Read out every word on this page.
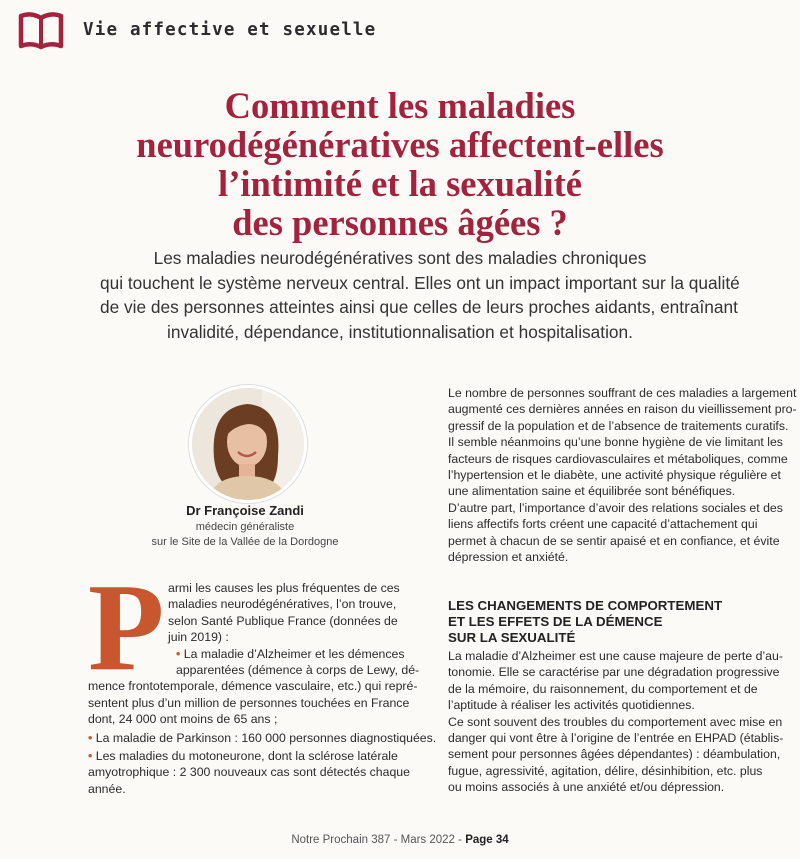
Vie affective et sexuelle
Comment les maladies
neurodégénératives affectent-elles
l’intimité et la sexualité
des personnes âgées ?

Les maladies neurodégénératives sont des maladies chroniques
qui touchent le système nerveux central. Elles ont un impact important sur la qualité
de vie des personnes atteintes ainsi que celles de leurs proches aidants, entraînant
invalidité, dépendance, institutionnalisation et hospitalisation.

Dr Françoise Zandi
médecin généraliste
sur le Site de la Vallée de la Dordogne
P armi les causes les plus fréquentes de ces
maladies neurodégénératives, l’on trouve,
selon Santé Publique France (données de
juin 2019) :

• La maladie d’Alzheimer et les démences
apparentées (démence à corps de Lewy, dé-
mence frontotemporale, démence vasculaire, etc.) qui repré-
sentent plus d’un million de personnes touchées en France
dont, 24 000 ont moins de 65 ans ;

• La maladie de Parkinson : 160 000 personnes diagnostiquées.

• Les maladies du motoneurone, dont la sclérose latérale
amyotrophique : 2 300 nouveaux cas sont détectés chaque
année.

Le nombre de personnes souffrant de ces maladies a largement
augmenté ces dernières années en raison du vieillissement pro-
gressif de la population et de l’absence de traitements curatifs.

Il semble néanmoins qu’une bonne hygiène de vie limitant les
facteurs de risques cardiovasculaires et métaboliques, comme
l’hypertension et le diabète, une activité physique régulière et
une alimentation saine et équilibrée sont bénéfiques.

D’autre part, l’importance d’avoir des relations sociales et des
liens affectifs forts créent une capacité d’attachement qui
permet à chacun de se sentir apaisé et en confiance, et évite
dépression et anxiété.

LES CHANGEMENTS DE COMPORTEMENT
ET LES EFFETS DE LA DÉMENCE
SUR LA SEXUALITÉ

La maladie d’Alzheimer est une cause majeure de perte d’au-
tonomie. Elle se caractérise par une dégradation progressive
de la mémoire, du raisonnement, du comportement et de
l’aptitude à réaliser les activités quotidiennes.

Ce sont souvent des troubles du comportement avec mise en
danger qui vont être à l’origine de l’entrée en EHPAD (établis-
sement pour personnes âgées dépendantes) : déambulation,
fugue, agressivité, agitation, délire, désinhibition, etc. plus
ou moins associés à une anxiété et/ou dépression.

Notre Prochain 387 - Mars 2022 - Page 34
